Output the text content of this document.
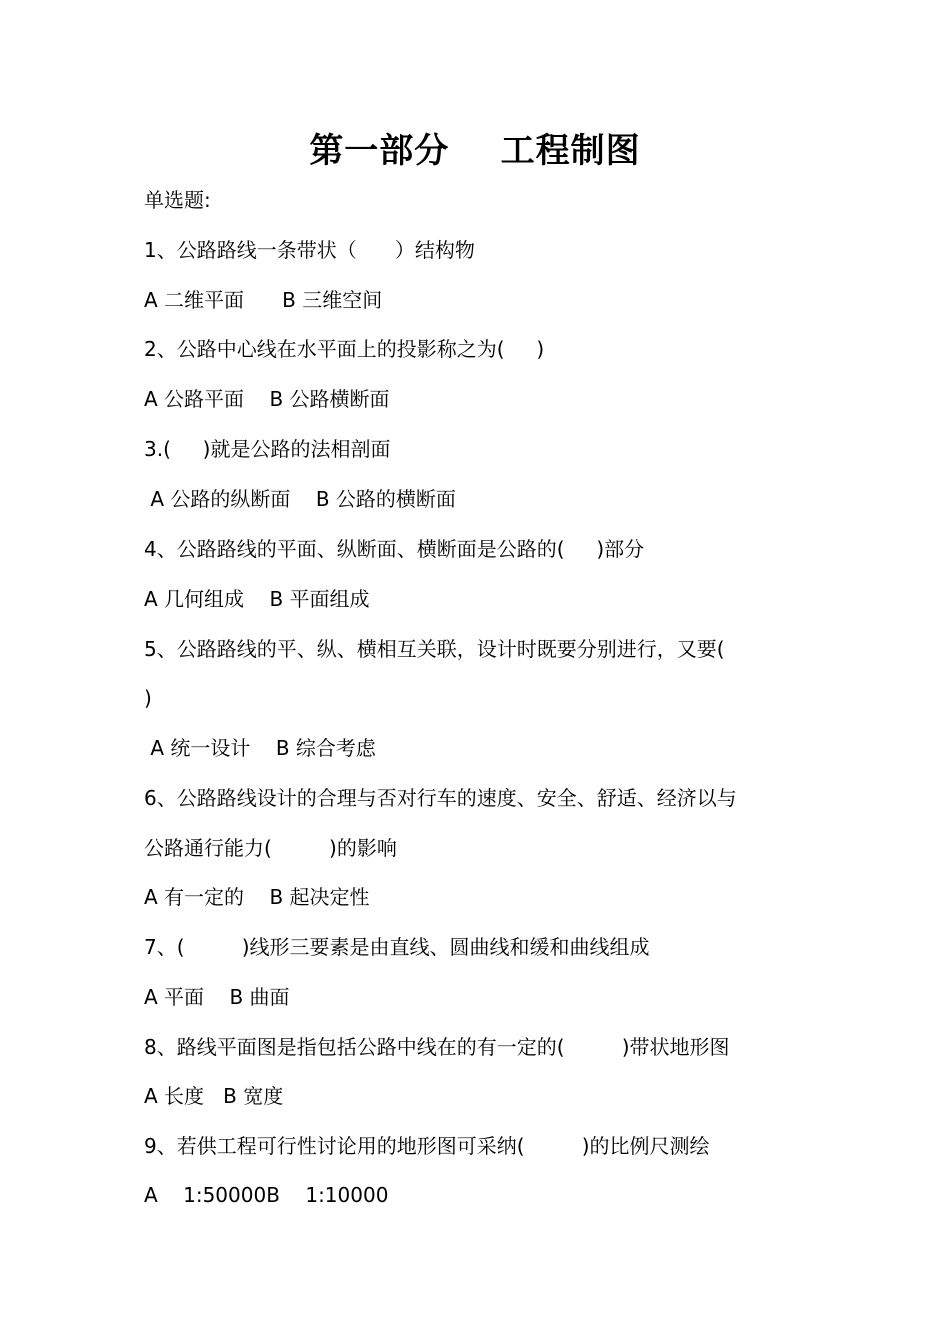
第一部分    工程制图
单选题:
1、公路路线一条带状（      ）结构物
A 二维平面      B 三维空间
2、公路中心线在水平面上的投影称之为(     )
A 公路平面    B 公路横断面
3.(     )就是公路的法相剖面
A 公路的纵断面    B 公路的横断面
4、公路路线的平面、纵断面、横断面是公路的(     )部分
A 几何组成    B 平面组成
5、公路路线的平、纵、横相互关联，设计时既要分别进行，又要(
)
A 统一设计    B 综合考虑
6、公路路线设计的合理与否对行车的速度、安全、舒适、经济以与
公路通行能力(         )的影响
A 有一定的    B 起决定性
7、(         )线形三要素是由直线、圆曲线和缓和曲线组成
A 平面    B 曲面
8、路线平面图是指包括公路中线在的有一定的(         )带状地形图
A 长度   B 宽度
9、若供工程可行性讨论用的地形图可采纳(         )的比例尺测绘
A    1:50000B    1:10000
